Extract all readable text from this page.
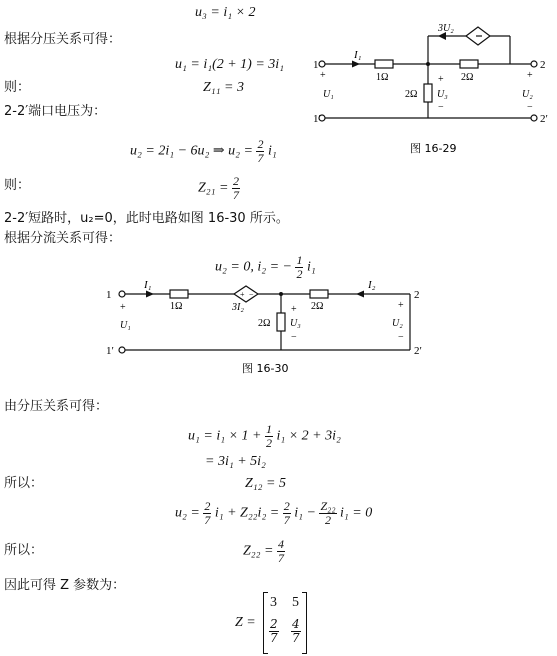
u₃ = i₁ × 2
根据分压关系可得：
u₁ = i₁(2 + 1) = 3i₁
则：	Z₁₁ = 3
2-2′端口电压为：
u₂ = 2i₁ − 6u₂ ⇒ $u_2 = \frac{2}{7} i_1$
则：	$Z_{21} = \frac{2}{7}$
2-2′短路时，u₂=0，此时电路如图 16-30 所示。
根据分流关系可得：
u₂ = 0, i₂ = − $\frac{1}{2} i_1$
I₁
1Ω	2Ω
2Ω
3U₂
1
1′
2
2′
+
U₁
+
U₃
−
+
U₂
−
图 16-29
+ −
I₁	I₂
1Ω	2Ω
2Ω
3I₂
1
1′
2
2′
+
U₁
+
U₃
−
+
U₂
−
图 16-30
由分压关系可得：
$u_1 = i_1 \times 1 + \frac{1}{2} i_1 \times 2 + 3i_2$
= 3i₁ + 5i₂
所以：	Z₁₂ = 5
$u_2 = \frac{2}{7} i_1 + Z_{22}i_2 = \frac{2}{7} i_1 - \frac{\text{Z₂₂}}{2} i_1 = 0$
所以：	$Z_{22} = \frac{4}{7}$
因此可得 Z 参数为：
Z =
3 5
$\frac{2}{7} \frac{4}{7}$
